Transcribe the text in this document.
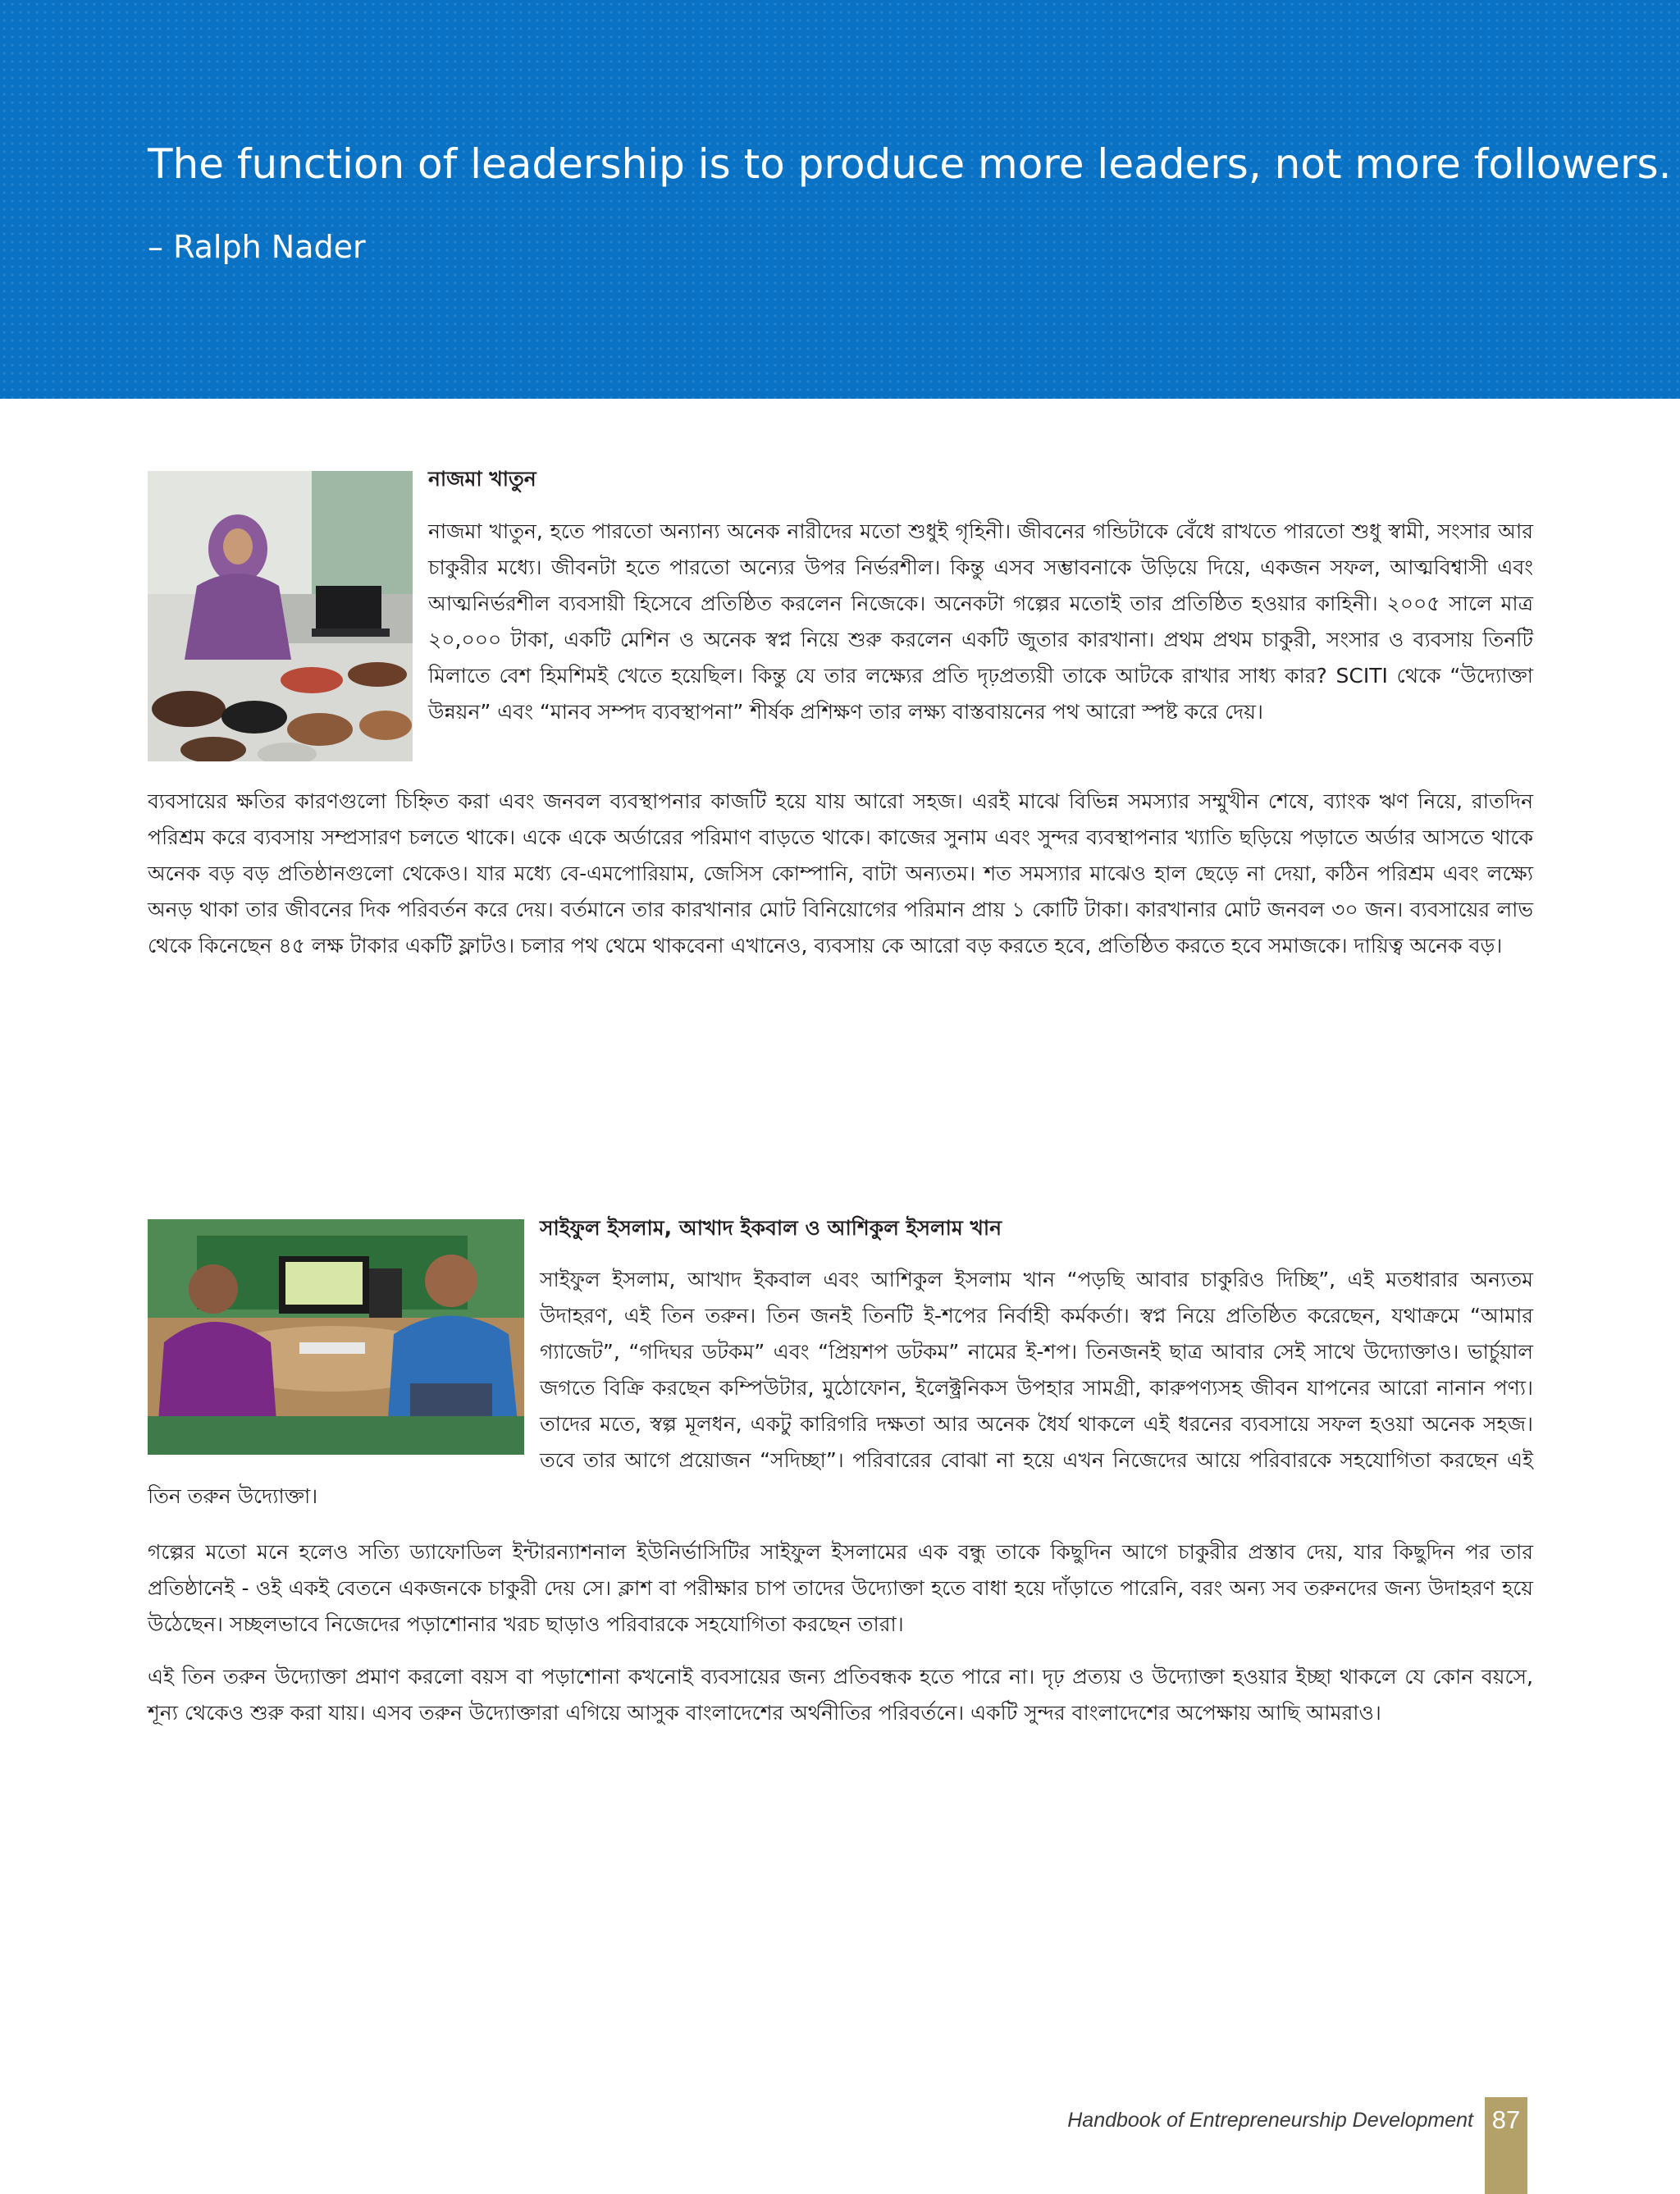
The function of leadership is to produce more leaders, not more followers.

– Ralph Nader
নাজমা খাতুন

নাজমা খাতুন, হতে পারতো অন্যান্য অনেক নারীদের মতো শুধুই গৃহিনী। জীবনের গন্ডিটাকে বেঁধে রাখতে পারতো শুধু স্বামী, সংসার আর চাকুরীর মধ্যে। জীবনটা হতে পারতো অন্যের উপর নির্ভরশীল। কিন্তু এসব সম্ভাবনাকে উড়িয়ে দিয়ে, একজন সফল, আত্মবিশ্বাসী এবং আত্মনির্ভরশীল ব্যবসায়ী হিসেবে প্রতিষ্ঠিত করলেন নিজেকে। অনেকটা গল্পের মতোই তার প্রতিষ্ঠিত হওয়ার কাহিনী। ২০০৫ সালে মাত্র ২০,০০০ টাকা, একটি মেশিন ও অনেক স্বপ্ন নিয়ে শুরু করলেন একটি জুতার কারখানা। প্রথম প্রথম চাকুরী, সংসার ও ব্যবসায় তিনটি মিলাতে বেশ হিমশিমই খেতে হয়েছিল। কিন্তু যে তার লক্ষ্যের প্রতি দৃঢ়প্রত্যয়ী তাকে আটকে রাখার সাধ্য কার? SCITI থেকে “উদ্যোক্তা উন্নয়ন” এবং “মানব সম্পদ ব্যবস্থাপনা” শীর্ষক প্রশিক্ষণ তার লক্ষ্য বাস্তবায়নের পথ আরো স্পষ্ট করে দেয়।

ব্যবসায়ের ক্ষতির কারণগুলো চিহ্নিত করা এবং জনবল ব্যবস্থাপনার কাজটি হয়ে যায় আরো সহজ। এরই মাঝে বিভিন্ন সমস্যার সম্মুখীন শেষে, ব্যাংক ঋণ নিয়ে, রাতদিন পরিশ্রম করে ব্যবসায় সম্প্রসারণ চলতে থাকে। একে একে অর্ডারের পরিমাণ বাড়তে থাকে। কাজের সুনাম এবং সুন্দর ব্যবস্থাপনার খ্যাতি ছড়িয়ে পড়াতে অর্ডার আসতে থাকে অনেক বড় বড় প্রতিষ্ঠানগুলো থেকেও। যার মধ্যে বে-এমপোরিয়াম, জেসিস কোম্পানি, বাটা অন্যতম। শত সমস্যার মাঝেও হাল ছেড়ে না দেয়া, কঠিন পরিশ্রম এবং লক্ষ্যে অনড় থাকা তার জীবনের দিক পরিবর্তন করে দেয়। বর্তমানে তার কারখানার মোট বিনিয়োগের পরিমান প্রায় ১ কোটি টাকা। কারখানার মোট জনবল ৩০ জন। ব্যবসায়ের লাভ থেকে কিনেছেন ৪৫ লক্ষ টাকার একটি ফ্লাটও। চলার পথ থেমে থাকবেনা এখানেও, ব্যবসায় কে আরো বড় করতে হবে, প্রতিষ্ঠিত করতে হবে সমাজকে। দায়িত্ব অনেক বড়।

সাইফুল ইসলাম, আখাদ ইকবাল ও আশিকুল ইসলাম খান

সাইফুল ইসলাম, আখাদ ইকবাল এবং আশিকুল ইসলাম খান “পড়ছি আবার চাকুরিও দিচ্ছি”, এই মতধারার অন্যতম উদাহরণ, এই তিন তরুন। তিন জনই তিনটি ই-শপের নির্বাহী কর্মকর্তা। স্বপ্ন নিয়ে প্রতিষ্ঠিত করেছেন, যথাক্রমে “আমার গ্যাজেট”, “গদিঘর ডটকম” এবং “প্রিয়শপ ডটকম” নামের ই-শপ। তিনজনই ছাত্র আবার সেই সাথে উদ্যোক্তাও। ভার্চুয়াল জগতে বিক্রি করছেন কম্পিউটার, মুঠোফোন, ইলেক্ট্রনিকস উপহার সামগ্রী, কারুপণ্যসহ জীবন যাপনের আরো নানান পণ্য। তাদের মতে, স্বল্প মূলধন, একটু কারিগরি দক্ষতা আর অনেক ধৈর্য থাকলে এই ধরনের ব্যবসায়ে সফল হওয়া অনেক সহজ। তবে তার আগে প্রয়োজন “সদিচ্ছা”। পরিবারের বোঝা না হয়ে এখন নিজেদের আয়ে পরিবারকে সহযোগিতা করছেন এই তিন তরুন উদ্যোক্তা।

গল্পের মতো মনে হলেও সত্যি ড্যাফোডিল ইন্টারন্যাশনাল ইউনির্ভাসিটির সাইফুল ইসলামের এক বন্ধু তাকে কিছুদিন আগে চাকুরীর প্রস্তাব দেয়, যার কিছুদিন পর তার প্রতিষ্ঠানেই - ওই একই বেতনে একজনকে চাকুরী দেয় সে। ক্লাশ বা পরীক্ষার চাপ তাদের উদ্যোক্তা হতে বাধা হয়ে দাঁড়াতে পারেনি, বরং অন্য সব তরুনদের জন্য উদাহরণ হয়ে উঠেছেন। সচ্ছলভাবে নিজেদের পড়াশোনার খরচ ছাড়াও পরিবারকে সহযোগিতা করছেন তারা।

এই তিন তরুন উদ্যোক্তা প্রমাণ করলো বয়স বা পড়াশোনা কখনোই ব্যবসায়ের জন্য প্রতিবন্ধক হতে পারে না। দৃঢ় প্রত্যয় ও উদ্যোক্তা হওয়ার ইচ্ছা থাকলে যে কোন বয়সে, শূন্য থেকেও শুরু করা যায়। এসব তরুন উদ্যোক্তারা এগিয়ে আসুক বাংলাদেশের অর্থনীতির পরিবর্তনে। একটি সুন্দর বাংলাদেশের অপেক্ষায় আছি আমরাও।

Handbook of Entrepreneurship Development 87
